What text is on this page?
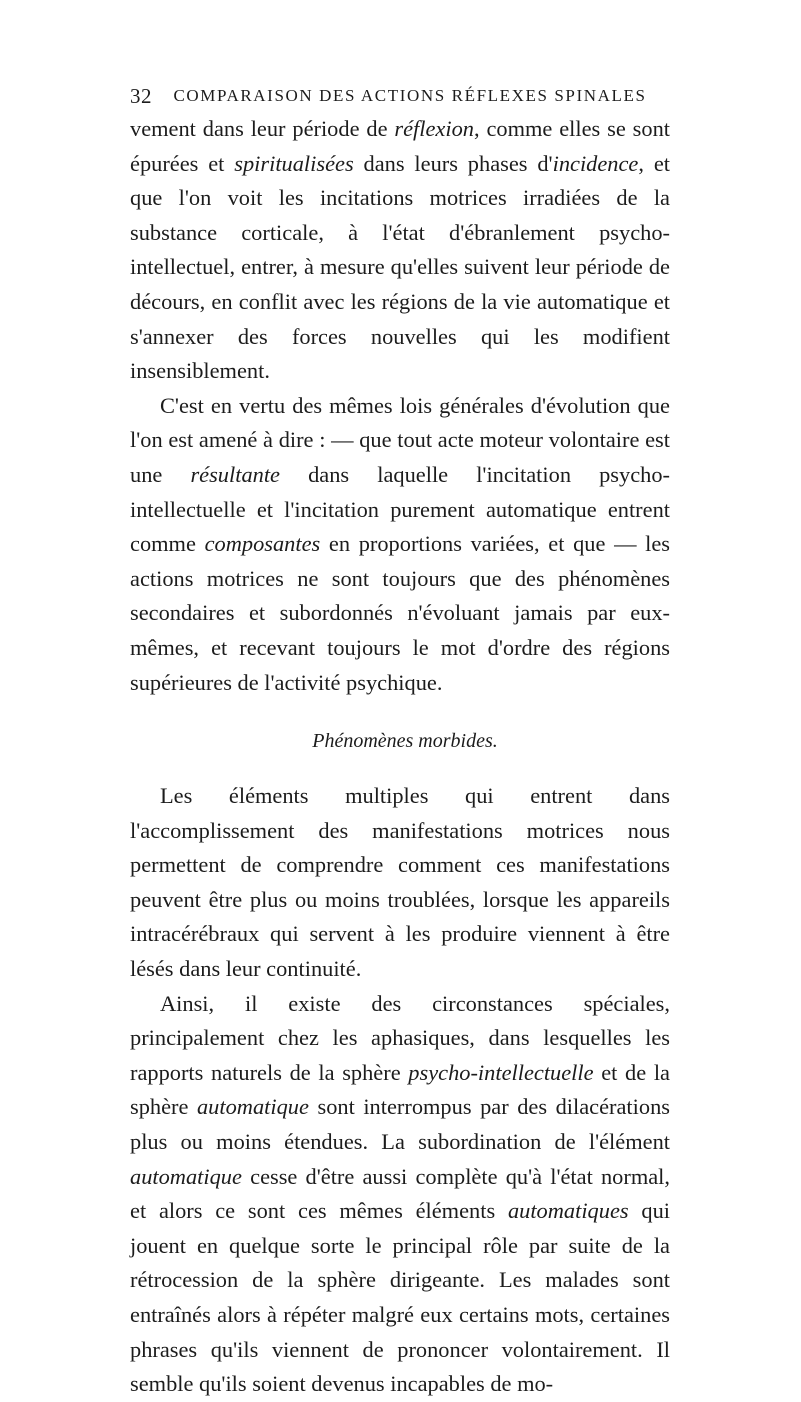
32	COMPARAISON DES ACTIONS RÉFLEXES SPINALES

vement dans leur période de réflexion, comme elles se sont épurées et spiritualisées dans leurs phases d'incidence, et que l'on voit les incitations motrices irradiées de la substance corticale, à l'état d'ébranlement psycho-intellectuel, entrer, à mesure qu'elles suivent leur période de décours, en conflit avec les régions de la vie automatique et s'annexer des forces nouvelles qui les modifient insensiblement.

C'est en vertu des mêmes lois générales d'évolution que l'on est amené à dire : — que tout acte moteur volontaire est une résultante dans laquelle l'incitation psycho-intellectuelle et l'incitation purement automatique entrent comme composantes en proportions variées, et que — les actions motrices ne sont toujours que des phénomènes secondaires et subordonnés n'évoluant jamais par eux-mêmes, et recevant toujours le mot d'ordre des régions supérieures de l'activité psychique.

Phénomènes morbides.

Les éléments multiples qui entrent dans l'accomplissement des manifestations motrices nous permettent de comprendre comment ces manifestations peuvent être plus ou moins troublées, lorsque les appareils intracérébraux qui servent à les produire viennent à être lésés dans leur continuité.

Ainsi, il existe des circonstances spéciales, principalement chez les aphasiques, dans lesquelles les rapports naturels de la sphère psycho-intellectuelle et de la sphère automatique sont interrompus par des dilacérations plus ou moins étendues. La subordination de l'élément automatique cesse d'être aussi complète qu'à l'état normal, et alors ce sont ces mêmes éléments automatiques qui jouent en quelque sorte le principal rôle par suite de la rétrocession de la sphère dirigeante. Les malades sont entraînés alors à répéter malgré eux certains mots, certaines phrases qu'ils viennent de prononcer volontairement. Il semble qu'ils soient devenus incapables de mo-
